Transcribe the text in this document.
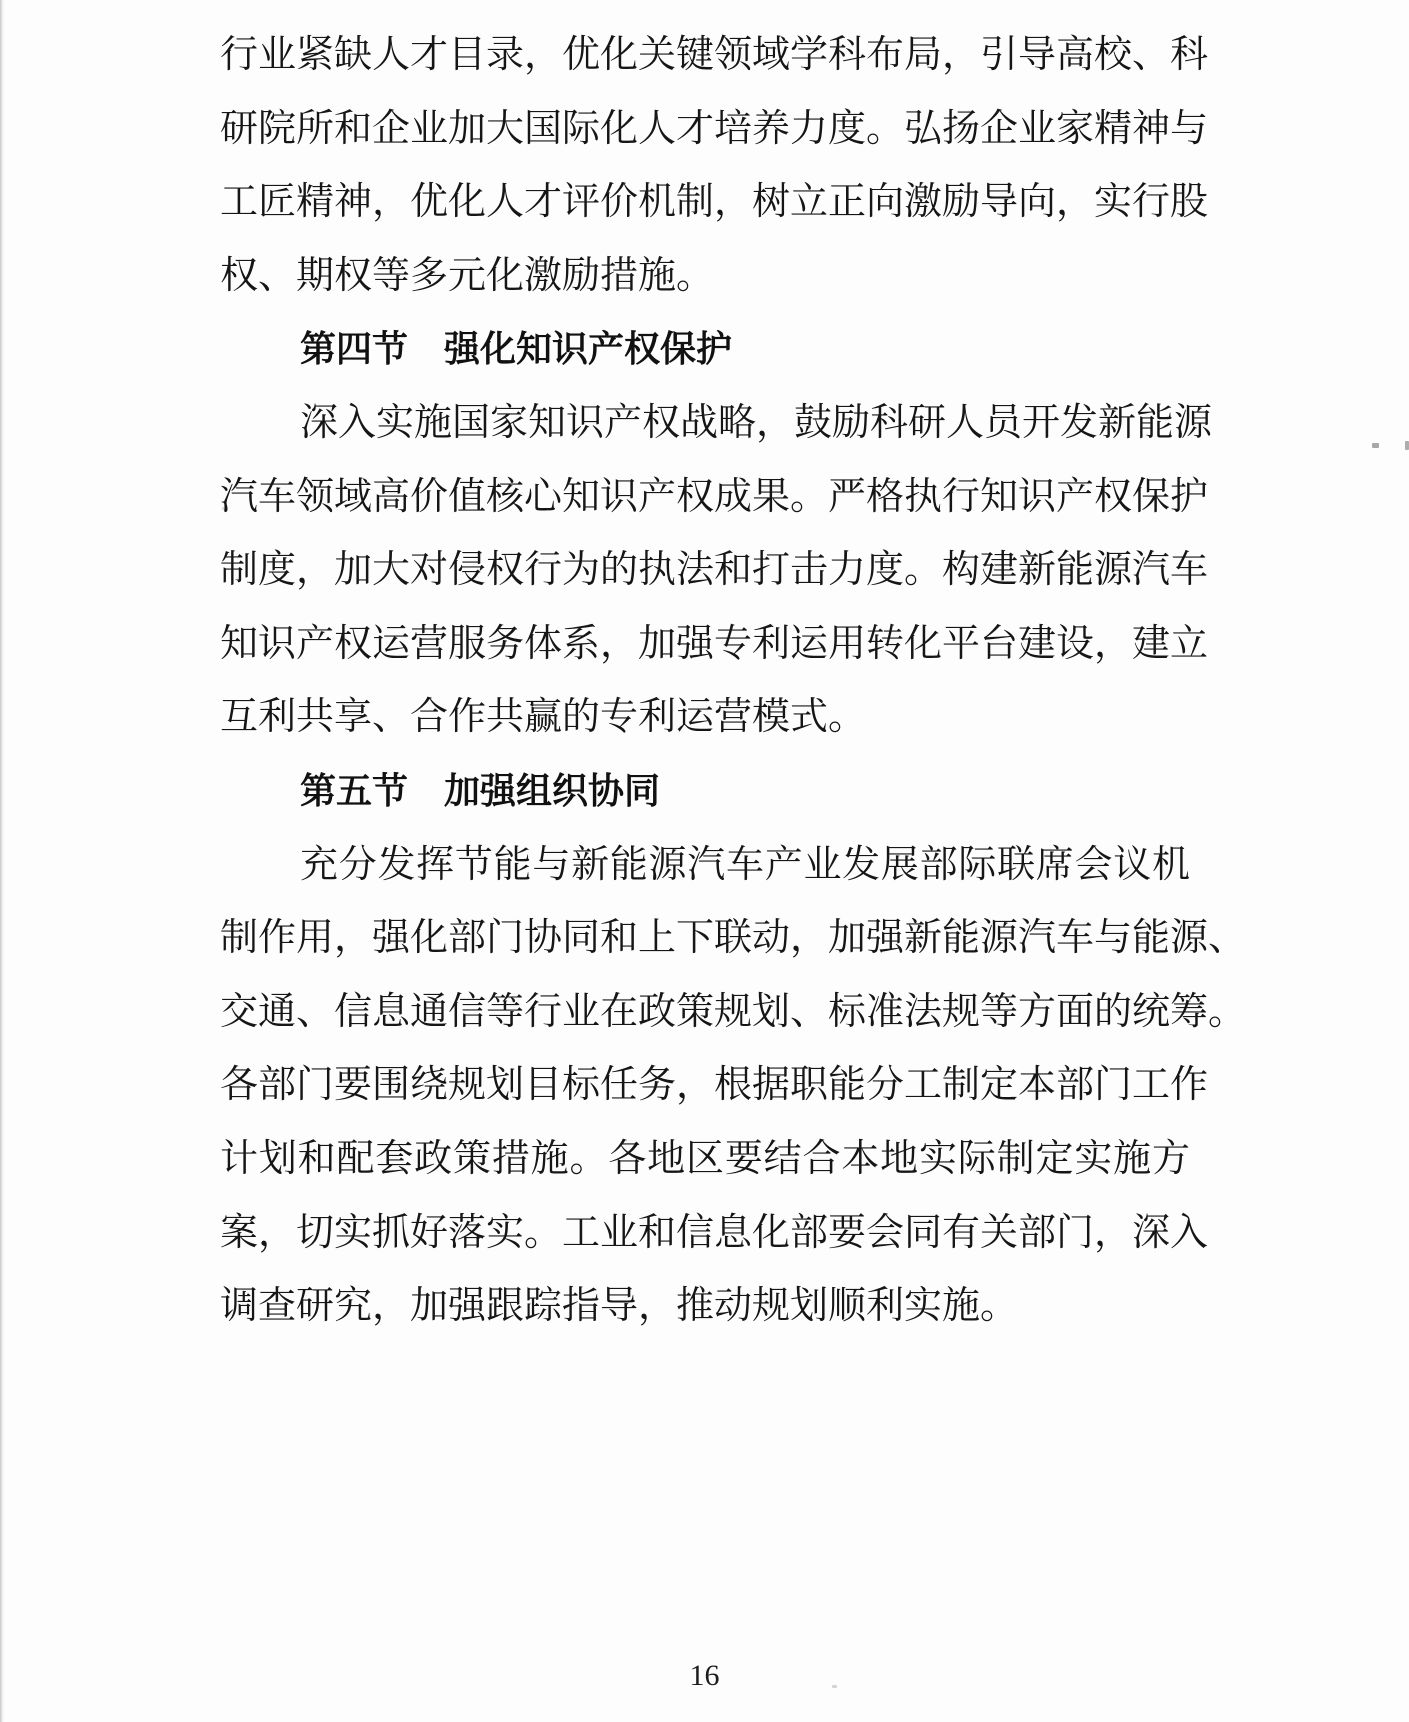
行业紧缺人才目录，优化关键领域学科布局，引导高校、科
研院所和企业加大国际化人才培养力度。弘扬企业家精神与
工匠精神，优化人才评价机制，树立正向激励导向，实行股
权、期权等多元化激励措施。
第四节 强化知识产权保护
深入实施国家知识产权战略，鼓励科研人员开发新能源
汽车领域高价值核心知识产权成果。严格执行知识产权保护
制度，加大对侵权行为的执法和打击力度。构建新能源汽车
知识产权运营服务体系，加强专利运用转化平台建设，建立
互利共享、合作共赢的专利运营模式。
第五节 加强组织协同
充分发挥节能与新能源汽车产业发展部际联席会议机
制作用，强化部门协同和上下联动，加强新能源汽车与能源、
交通、信息通信等行业在政策规划、标准法规等方面的统筹。
各部门要围绕规划目标任务，根据职能分工制定本部门工作
计划和配套政策措施。各地区要结合本地实际制定实施方
案，切实抓好落实。工业和信息化部要会同有关部门，深入
调查研究，加强跟踪指导，推动规划顺利实施。
16
